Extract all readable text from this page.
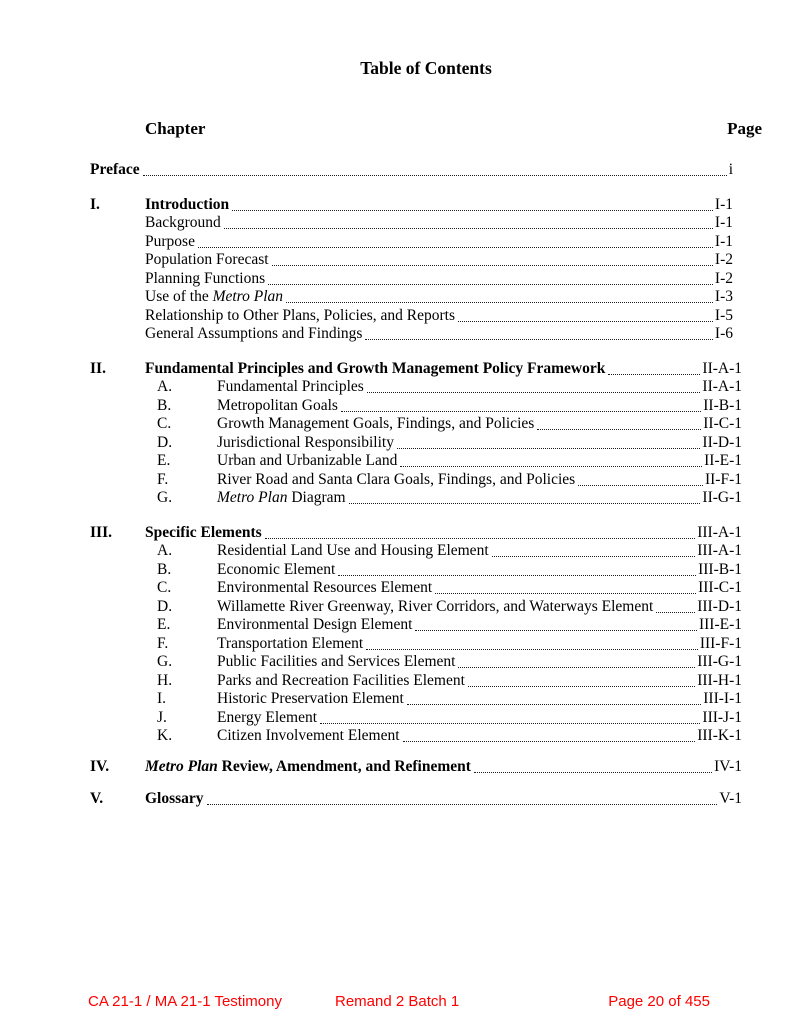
Table of Contents
Chapter	Page
Preface	i
I.	Introduction	I-1
Background	I-1
Purpose	I-1
Population Forecast	I-2
Planning Functions	I-2
Use of the Metro Plan	I-3
Relationship to Other Plans, Policies, and Reports	I-5
General Assumptions and Findings	I-6
II.	Fundamental Principles and Growth Management Policy Framework	II-A-1
A.	Fundamental Principles	II-A-1
B.	Metropolitan Goals	II-B-1
C.	Growth Management Goals, Findings, and Policies	II-C-1
D.	Jurisdictional Responsibility	II-D-1
E.	Urban and Urbanizable Land	II-E-1
F.	River Road and Santa Clara Goals, Findings, and Policies	II-F-1
G.	Metro Plan Diagram	II-G-1
III.	Specific Elements	III-A-1
A.	Residential Land Use and Housing Element	III-A-1
B.	Economic Element	III-B-1
C.	Environmental Resources Element	III-C-1
D.	Willamette River Greenway, River Corridors, and Waterways Element	III-D-1
E.	Environmental Design Element	III-E-1
F.	Transportation Element	III-F-1
G.	Public Facilities and Services Element	III-G-1
H.	Parks and Recreation Facilities Element	III-H-1
I.	Historic Preservation Element	III-I-1
J.	Energy Element	III-J-1
K.	Citizen Involvement Element	III-K-1
IV.	Metro Plan Review, Amendment, and Refinement	IV-1
V.	Glossary	V-1
CA 21-1 / MA 21-1 Testimony	Remand 2 Batch 1	Page 20 of 455
